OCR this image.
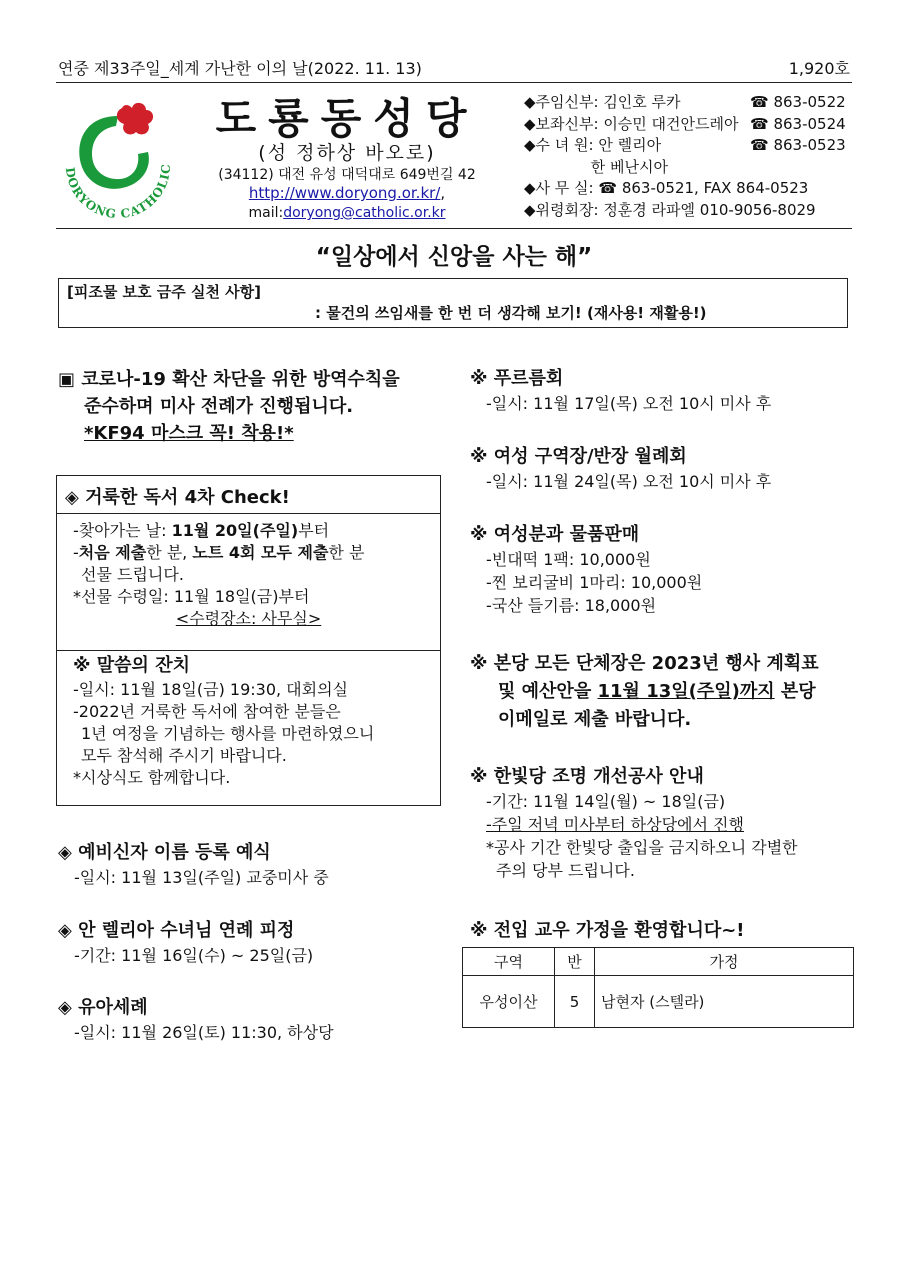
연중 제33주일_세계 가난한 이의 날(2022. 11. 13)	1,920호
DORYONG CATHOLIC
도룡동성당
(성 정하상 바오로)
(34112) 대전 유성 대덕대로 649번길 42
http://www.doryong.or.kr/,
mail:doryong@catholic.or.kr
◆주임신부: 김인호 루카	☎ 863-0522
◆보좌신부: 이승민 대건안드레아 ☎ 863-0524
◆수 녀 원: 안 렐리아	☎ 863-0523
한 베난시아
◆사 무 실: ☎ 863-0521, FAX 864-0523
◆위령회장: 정훈경 라파엘 010-9056-8029
“일상에서 신앙을 사는 해”
[피조물 보호 금주 실천 사항]
: 물건의 쓰임새를 한 번 더 생각해 보기! (재사용! 재활용!)
▣ 코로나-19 확산 차단을 위한 방역수칙을
준수하며 미사 전례가 진행됩니다.
*KF94 마스크 꼭! 착용!*
◈ 거룩한 독서 4차 Check!
-찾아가는 날: 11월 20일(주일)부터
-처음 제출한 분, 노트 4회 모두 제출한 분
선물 드립니다.
*선물 수령일: 11월 18일(금)부터
<수령장소: 사무실>
※ 말씀의 잔치
-일시: 11월 18일(금) 19:30, 대회의실
-2022년 거룩한 독서에 참여한 분들은
1년 여정을 기념하는 행사를 마련하였으니
모두 참석해 주시기 바랍니다.
*시상식도 함께합니다.
◈ 예비신자 이름 등록 예식
-일시: 11월 13일(주일) 교중미사 중
◈ 안 렐리아 수녀님 연례 피정
-기간: 11월 16일(수) ~ 25일(금)
◈ 유아세례
-일시: 11월 26일(토) 11:30, 하상당
※ 푸르름회
-일시: 11월 17일(목) 오전 10시 미사 후
※ 여성 구역장/반장 월례회
-일시: 11월 24일(목) 오전 10시 미사 후
※ 여성분과 물품판매
-빈대떡 1팩: 10,000원
-찐 보리굴비 1마리: 10,000원
-국산 들기름: 18,000원
※ 본당 모든 단체장은 2023년 행사 계획표
및 예산안을 11월 13일(주일)까지 본당
이메일로 제출 바랍니다.
※ 한빛당 조명 개선공사 안내
-기간: 11월 14일(월) ~ 18일(금)
-주일 저녁 미사부터 하상당에서 진행
*공사 기간 한빛당 출입을 금지하오니 각별한
주의 당부 드립니다.
※ 전입 교우 가정을 환영합니다~!
구역	반	가정
우성이산	5	남현자 (스텔라)
